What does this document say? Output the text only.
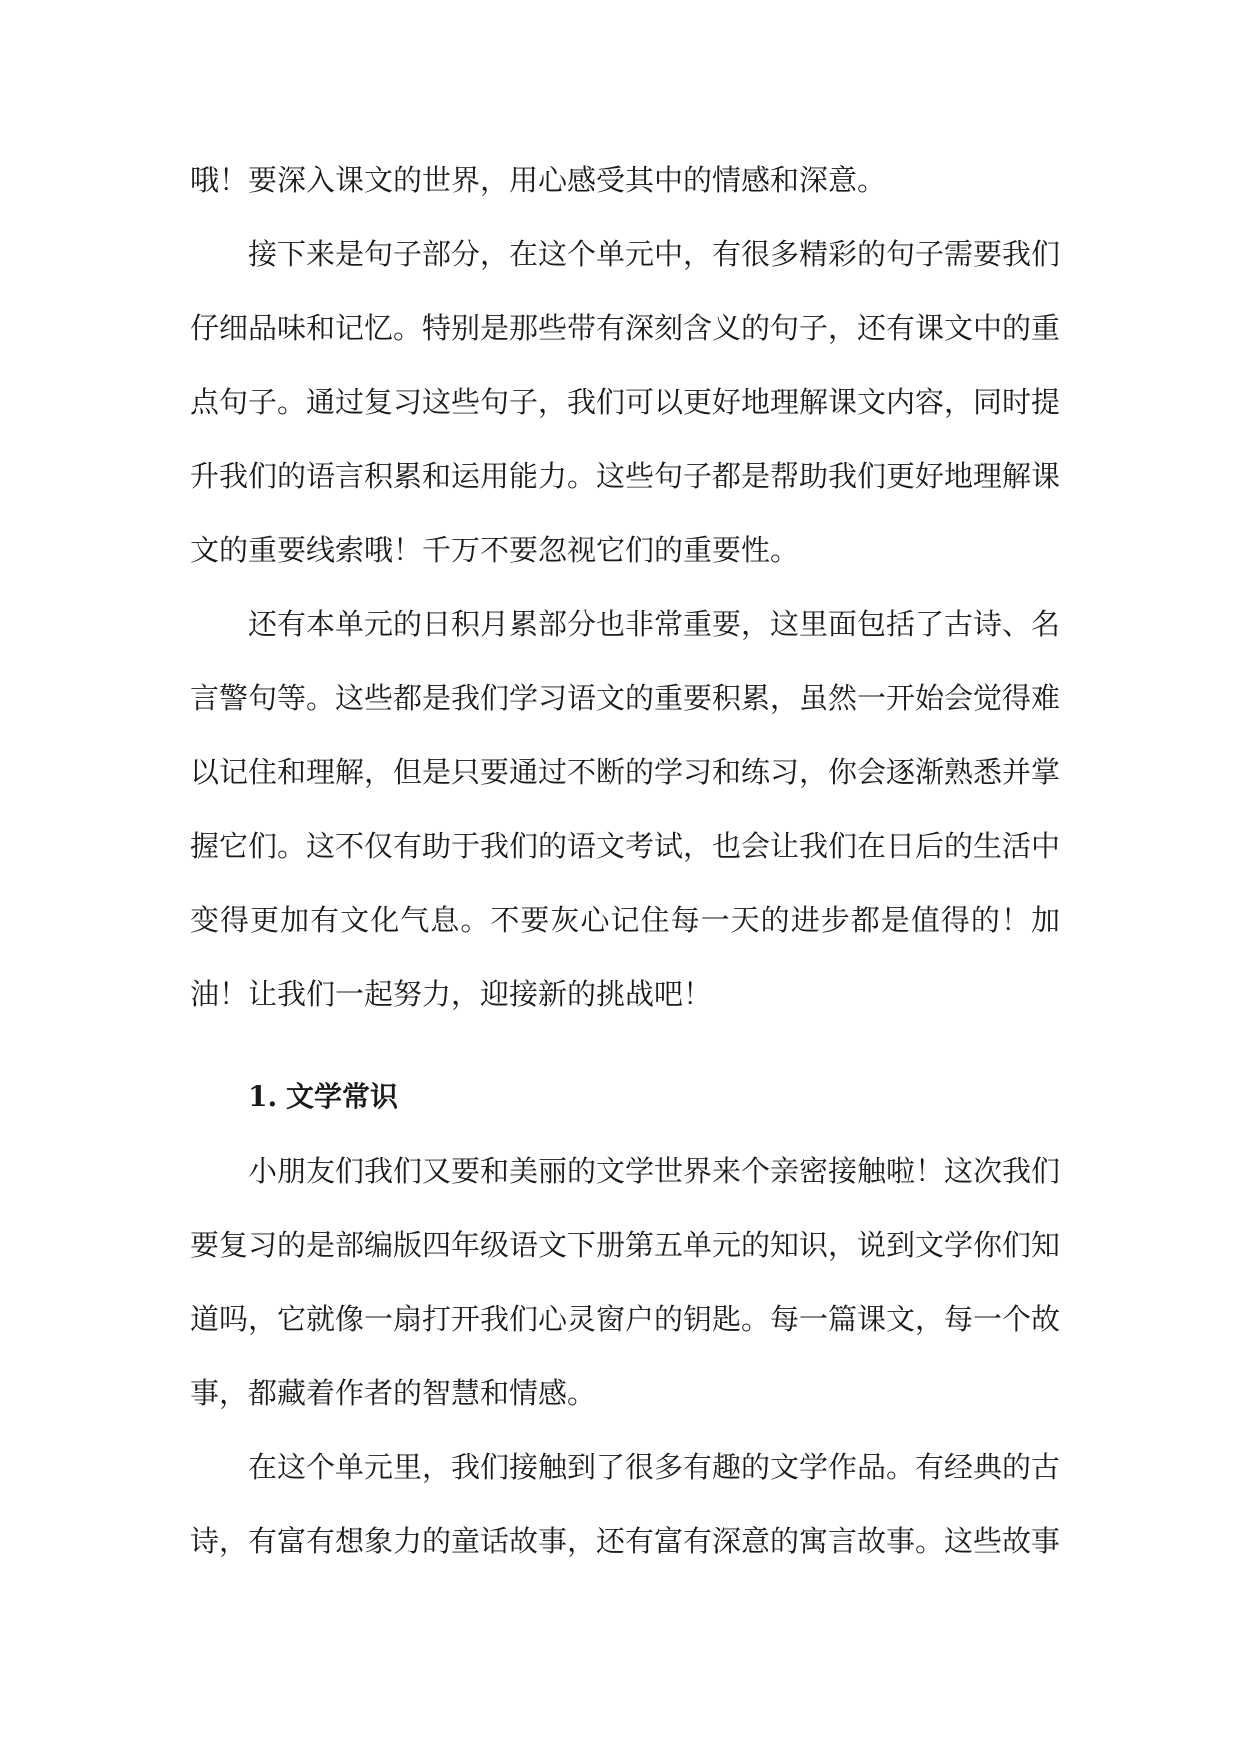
哦！要深入课文的世界，用心感受其中的情感和深意。

接下来是句子部分，在这个单元中，有很多精彩的句子需要我们仔细品味和记忆。特别是那些带有深刻含义的句子，还有课文中的重点句子。通过复习这些句子，我们可以更好地理解课文内容，同时提升我们的语言积累和运用能力。这些句子都是帮助我们更好地理解课文的重要线索哦！千万不要忽视它们的重要性。

还有本单元的日积月累部分也非常重要，这里面包括了古诗、名言警句等。这些都是我们学习语文的重要积累，虽然一开始会觉得难以记住和理解，但是只要通过不断的学习和练习，你会逐渐熟悉并掌握它们。这不仅有助于我们的语文考试，也会让我们在日后的生活中变得更加有文化气息。不要灰心记住每一天的进步都是值得的！加油！让我们一起努力，迎接新的挑战吧！

1. 文学常识

小朋友们我们又要和美丽的文学世界来个亲密接触啦！这次我们要复习的是部编版四年级语文下册第五单元的知识，说到文学你们知道吗，它就像一扇打开我们心灵窗户的钥匙。每一篇课文，每一个故事，都藏着作者的智慧和情感。

在这个单元里，我们接触到了很多有趣的文学作品。有经典的古诗，有富有想象力的童话故事，还有富有深意的寓言故事。这些故事
